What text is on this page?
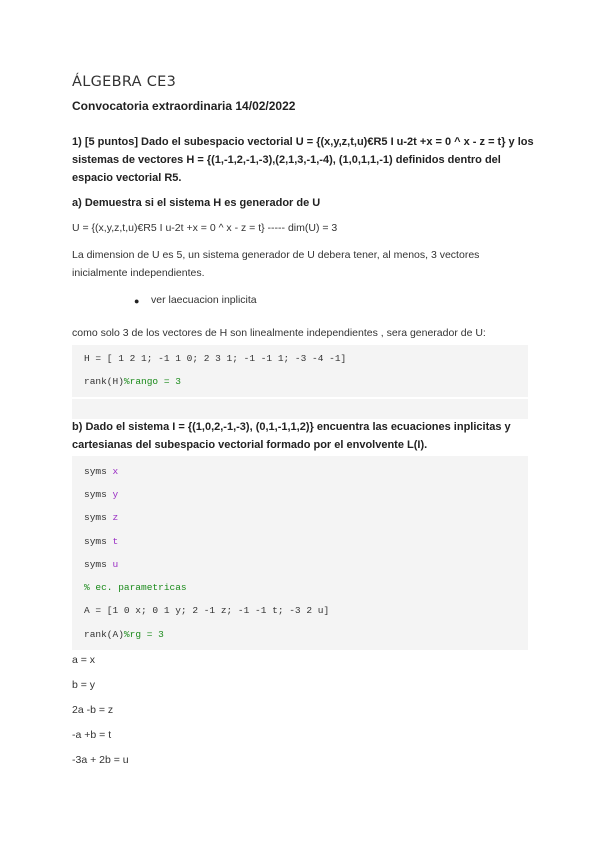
ÁLGEBRA CE3
Convocatoria extraordinaria 14/02/2022
1) [5 puntos] Dado el subespacio vectorial U = {(x,y,z,t,u)€R5 I u-2t +x = 0 ^ x - z = t} y los
sistemas de vectores H = {(1,-1,2,-1,-3),(2,1,3,-1,-4), (1,0,1,1,-1) definidos dentro del
espacio vectorial R5.
a) Demuestra si el sistema H es generador de U
U = {(x,y,z,t,u)€R5 I u-2t +x = 0 ^ x - z = t} ----- dim(U) = 3
La dimension de U es 5, un sistema generador de U debera tener, al menos, 3 vectores
inicialmente independientes.
● ver laecuacion inplicita
como solo 3 de los vectores de H son linealmente independientes , sera generador de U:
H = [ 1 2 1; -1 1 0; 2 3 1; -1 -1 1; -3 -4 -1]
rank(H)%rango = 3
b) Dado el sistema I = {(1,0,2,-1,-3), (0,1,-1,1,2)} encuentra las ecuaciones inplicitas y
cartesianas del subespacio vectorial formado por el envolvente L(I).
syms x
syms y
syms z
syms t
syms u
% ec. parametricas
A = [1 0 x; 0 1 y; 2 -1 z; -1 -1 t; -3 2 u]
rank(A)%rg = 3
a = x
b = y
2a -b = z
-a +b = t
-3a + 2b = u
